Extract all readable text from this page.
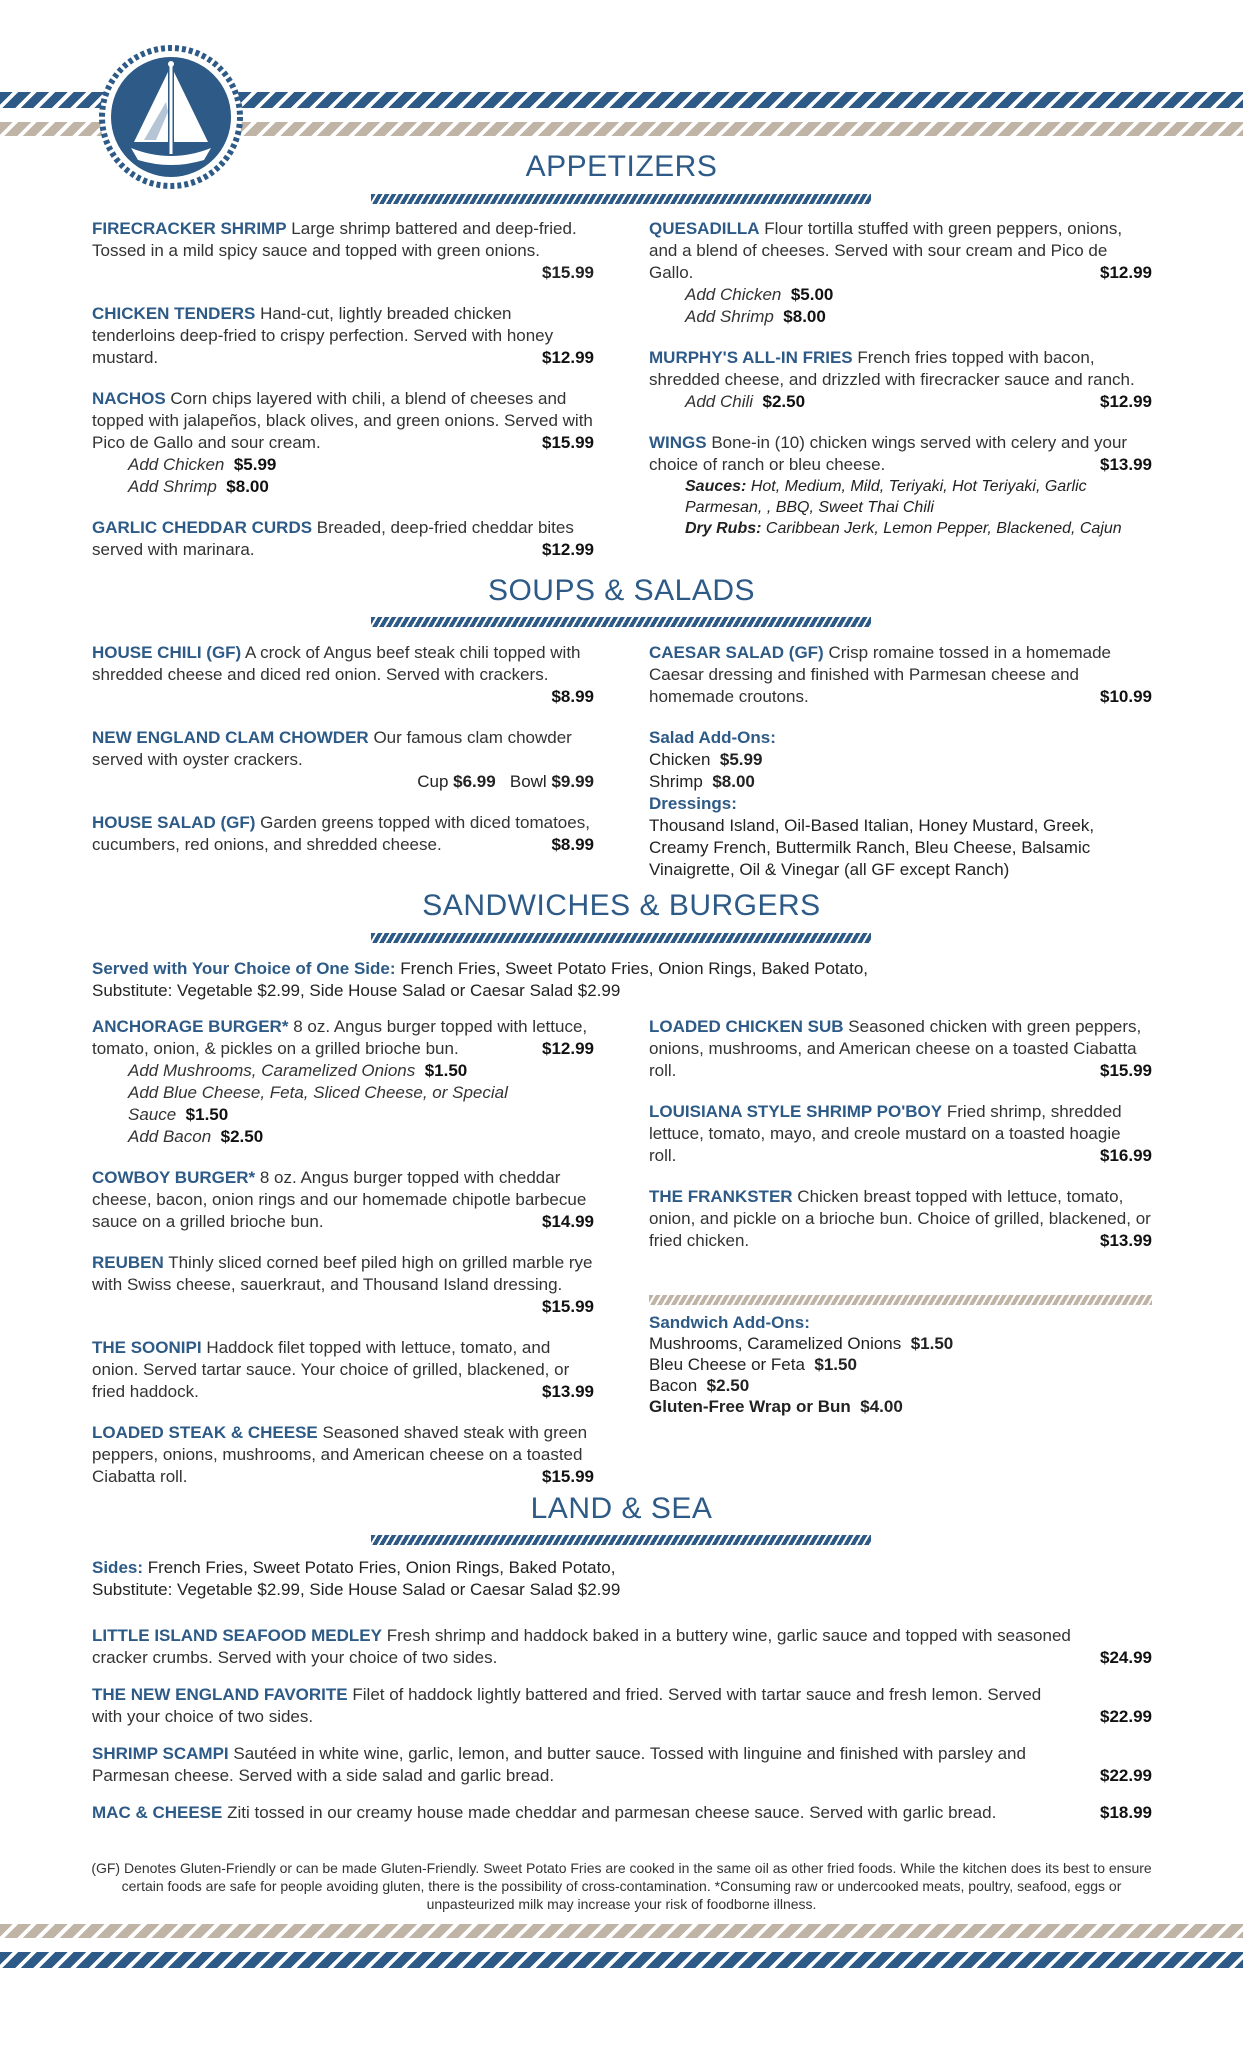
APPETIZERS
FIRECRACKER SHRIMP Large shrimp battered and deep-fried. Tossed in a mild spicy sauce and topped with green onions.
$15.99
CHICKEN TENDERS Hand-cut, lightly breaded chicken tenderloins deep-fried to crispy perfection. Served with honey mustard.	$12.99
NACHOS Corn chips layered with chili, a blend of cheeses and topped with jalapeños, black olives, and green onions. Served with Pico de Gallo and sour cream.	$15.99
Add Chicken $5.99
Add Shrimp $8.00
GARLIC CHEDDAR CURDS Breaded, deep-fried cheddar bites served with marinara.	$12.99
QUESADILLA Flour tortilla stuffed with green peppers, onions, and a blend of cheeses. Served with sour cream and Pico de Gallo.	$12.99
Add Chicken $5.00
Add Shrimp $8.00
MURPHY'S ALL-IN FRIES French fries topped with bacon, shredded cheese, and drizzled with firecracker sauce and ranch.
$12.99
Add Chili $2.50
WINGS Bone-in (10) chicken wings served with celery and your choice of ranch or bleu cheese.	$13.99
Sauces: Hot, Medium, Mild, Teriyaki, Hot Teriyaki, Garlic Parmesan, , BBQ, Sweet Thai Chili
Dry Rubs: Caribbean Jerk, Lemon Pepper, Blackened, Cajun
SOUPS & SALADS
HOUSE CHILI (GF) A crock of Angus beef steak chili topped with shredded cheese and diced red onion. Served with crackers.
$8.99
NEW ENGLAND CLAM CHOWDER Our famous clam chowder served with oyster crackers.
Cup $6.99 Bowl $9.99
HOUSE SALAD (GF) Garden greens topped with diced tomatoes, cucumbers, red onions, and shredded cheese.	$8.99
CAESAR SALAD (GF) Crisp romaine tossed in a homemade Caesar dressing and finished with Parmesan cheese and homemade croutons.	$10.99
Salad Add-Ons:
Chicken $5.99
Shrimp $8.00
Dressings:
Thousand Island, Oil-Based Italian, Honey Mustard, Greek, Creamy French, Buttermilk Ranch, Bleu Cheese, Balsamic Vinaigrette, Oil & Vinegar (all GF except Ranch)
SANDWICHES & BURGERS
Served with Your Choice of One Side: French Fries, Sweet Potato Fries, Onion Rings, Baked Potato,
Substitute: Vegetable $2.99, Side House Salad or Caesar Salad $2.99
ANCHORAGE BURGER* 8 oz. Angus burger topped with lettuce, tomato, onion, & pickles on a grilled brioche bun.	$12.99
Add Mushrooms, Caramelized Onions $1.50
Add Blue Cheese, Feta, Sliced Cheese, or Special Sauce $1.50
Add Bacon $2.50
COWBOY BURGER* 8 oz. Angus burger topped with cheddar cheese, bacon, onion rings and our homemade chipotle barbecue sauce on a grilled brioche bun.	$14.99
REUBEN Thinly sliced corned beef piled high on grilled marble rye with Swiss cheese, sauerkraut, and Thousand Island dressing.
$15.99
THE SOONIPI Haddock filet topped with lettuce, tomato, and onion. Served tartar sauce. Your choice of grilled, blackened, or fried haddock.	$13.99
LOADED STEAK & CHEESE Seasoned shaved steak with green peppers, onions, mushrooms, and American cheese on a toasted Ciabatta roll.	$15.99
LOADED CHICKEN SUB Seasoned chicken with green peppers, onions, mushrooms, and American cheese on a toasted Ciabatta roll.	$15.99
LOUISIANA STYLE SHRIMP PO'BOY Fried shrimp, shredded lettuce, tomato, mayo, and creole mustard on a toasted hoagie roll.	$16.99
THE FRANKSTER Chicken breast topped with lettuce, tomato, onion, and pickle on a brioche bun. Choice of grilled, blackened, or fried chicken.	$13.99
Sandwich Add-Ons:
Mushrooms, Caramelized Onions $1.50
Bleu Cheese or Feta $1.50
Bacon $2.50
Gluten-Free Wrap or Bun $4.00
LAND & SEA
Sides: French Fries, Sweet Potato Fries, Onion Rings, Baked Potato,
Substitute: Vegetable $2.99, Side House Salad or Caesar Salad $2.99
LITTLE ISLAND SEAFOOD MEDLEY Fresh shrimp and haddock baked in a buttery wine, garlic sauce and topped with seasoned cracker crumbs. Served with your choice of two sides.	$24.99
THE NEW ENGLAND FAVORITE Filet of haddock lightly battered and fried. Served with tartar sauce and fresh lemon. Served with your choice of two sides.	$22.99
SHRIMP SCAMPI Sautéed in white wine, garlic, lemon, and butter sauce. Tossed with linguine and finished with parsley and Parmesan cheese. Served with a side salad and garlic bread.	$22.99
MAC & CHEESE Ziti tossed in our creamy house made cheddar and parmesan cheese sauce. Served with garlic bread.	$18.99
(GF) Denotes Gluten-Friendly or can be made Gluten-Friendly. Sweet Potato Fries are cooked in the same oil as other fried foods. While the kitchen does its best to ensure certain foods are safe for people avoiding gluten, there is the possibility of cross-contamination. *Consuming raw or undercooked meats, poultry, seafood, eggs or unpasteurized milk may increase your risk of foodborne illness.
